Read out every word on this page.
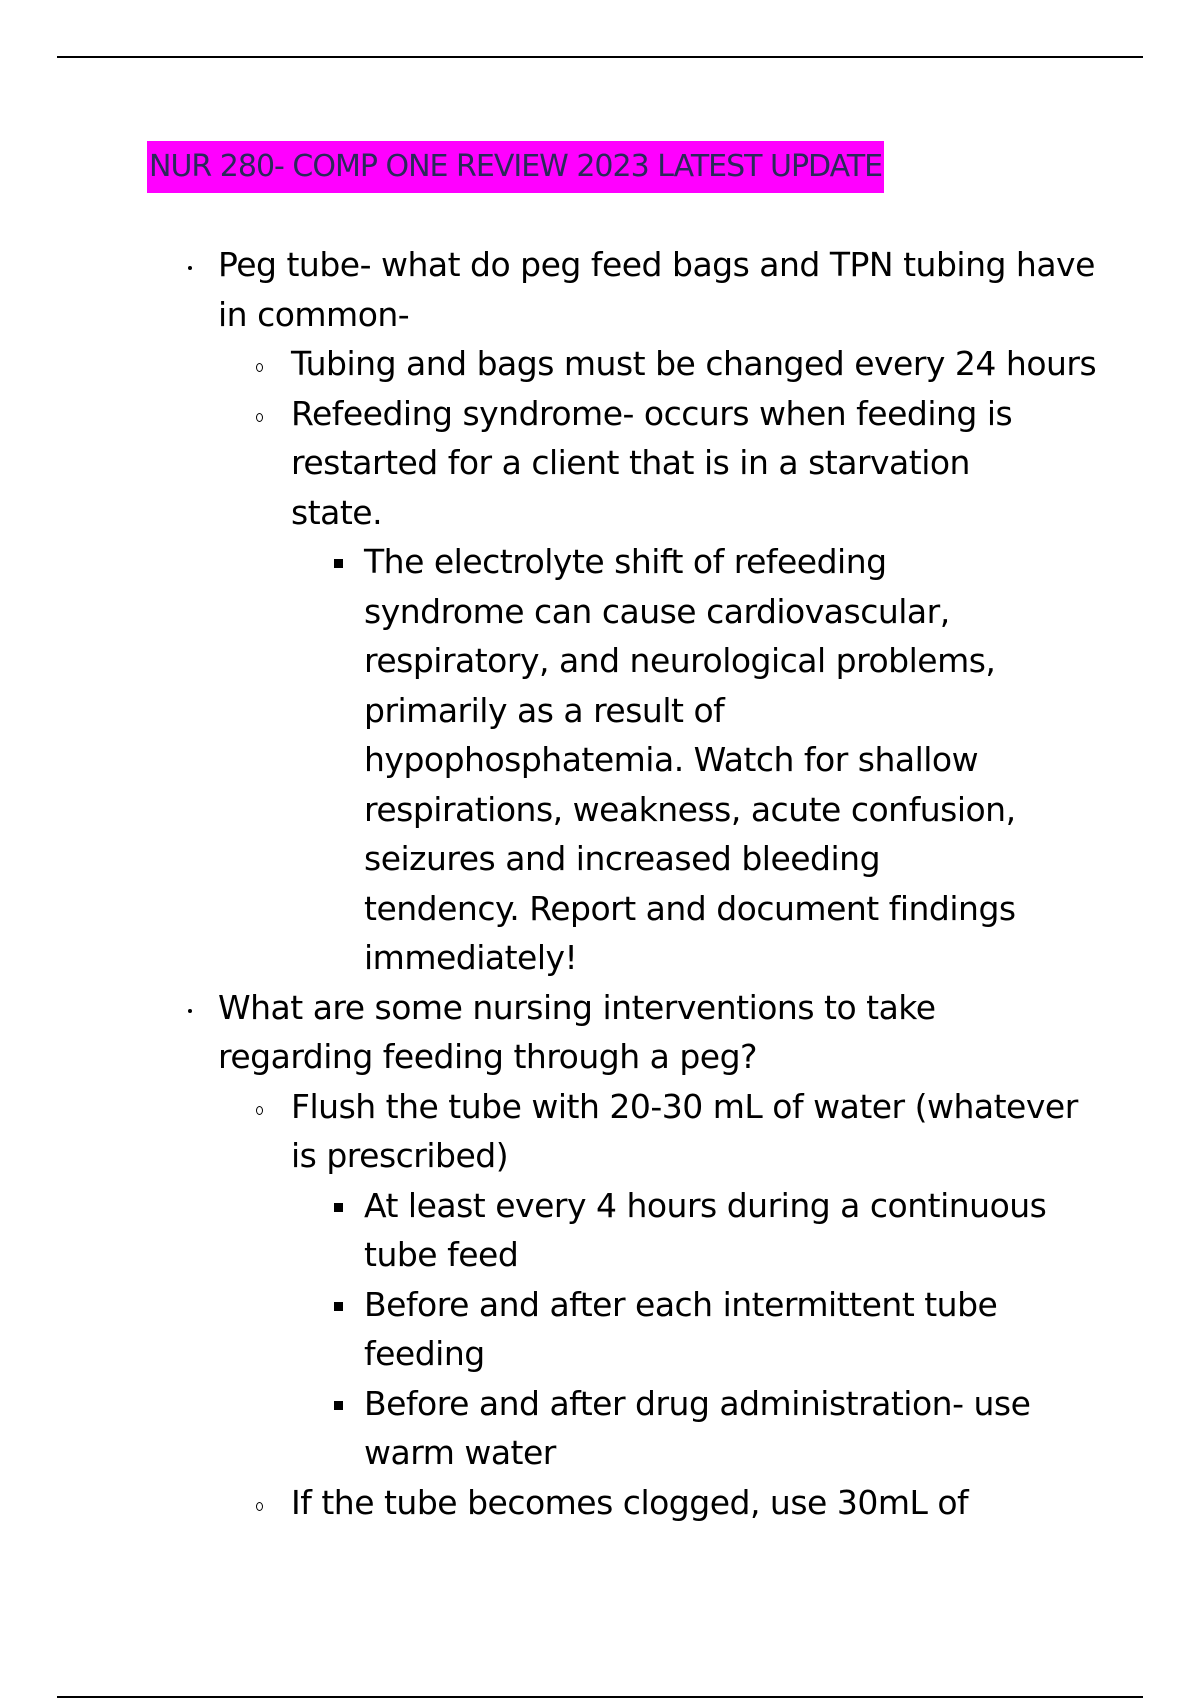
NUR 280- COMP ONE REVIEW 2023 LATEST UPDATE
Peg tube- what do peg feed bags and TPN tubing have
in common-
Tubing and bags must be changed every 24 hours
Refeeding syndrome- occurs when feeding is
restarted for a client that is in a starvation
state.
The electrolyte shift of refeeding
syndrome can cause cardiovascular,
respiratory, and neurological problems,
primarily as a result of
hypophosphatemia. Watch for shallow
respirations, weakness, acute confusion,
seizures and increased bleeding
tendency. Report and document findings
immediately!
What are some nursing interventions to take
regarding feeding through a peg?
Flush the tube with 20-30 mL of water (whatever
is prescribed)
At least every 4 hours during a continuous
tube feed
Before and after each intermittent tube
feeding
Before and after drug administration- use
warm water
If the tube becomes clogged, use 30mL of
